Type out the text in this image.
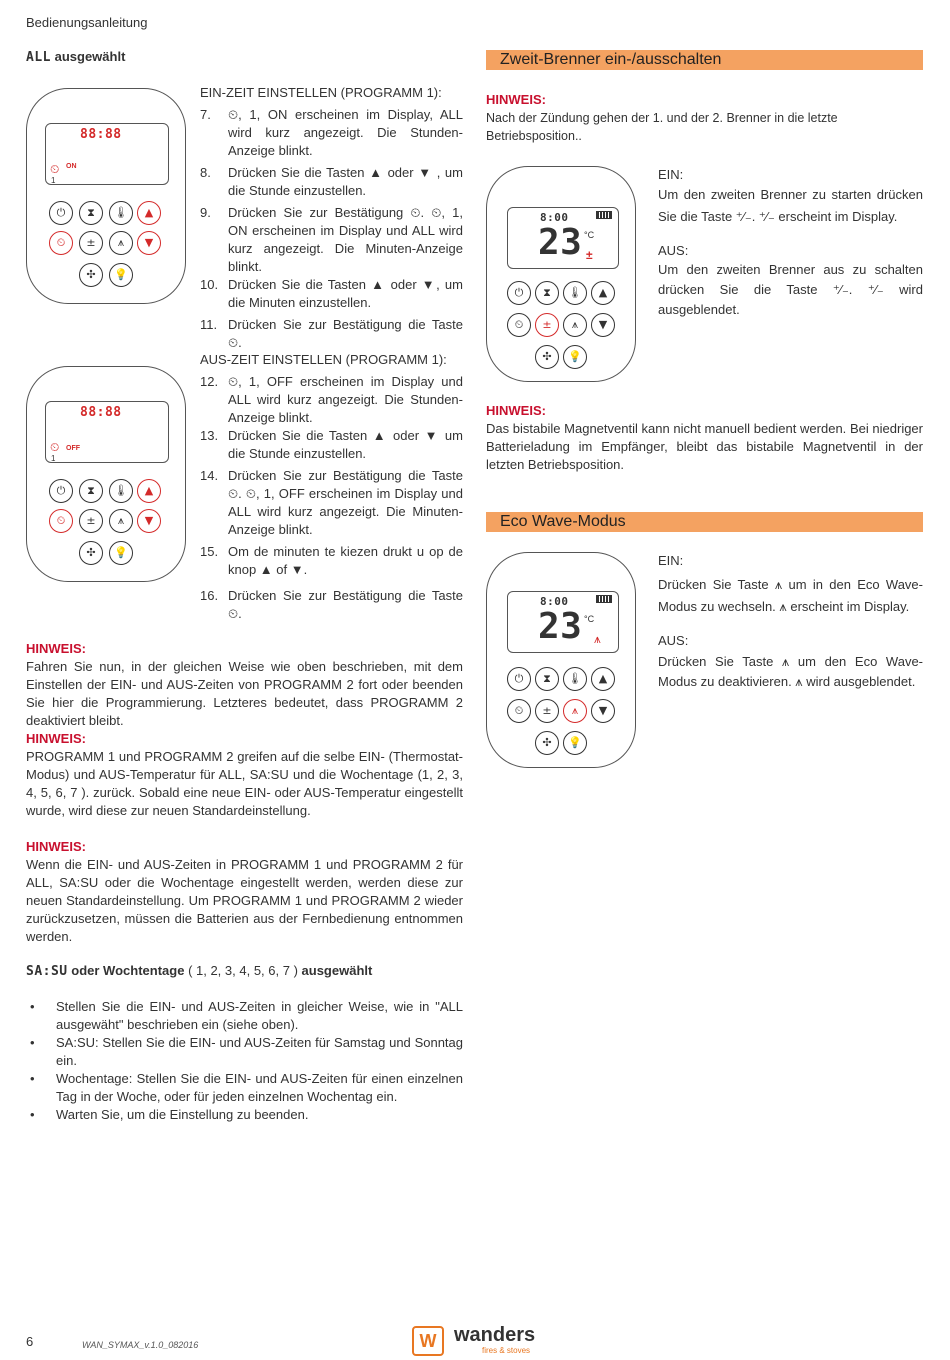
Bedienungsanleitung
ALL ausgewählt
88:88
⏲ ON
1
⏻	⧗	🌡	▲
⏲	±	⩚	▼
✣	💡
EIN-ZEIT EINSTELLEN (PROGRAMM 1):
7.	⏲, 1, ON erscheinen im Display, ALL wird kurz angezeigt. Die Stunden-Anzeige blinkt.
8.	Drücken Sie die Tasten ▲ oder ▼ , um die Stunde einzustellen.
9.	Drücken Sie zur Bestätigung ⏲. ⏲, 1, ON erscheinen im Display und ALL wird kurz angezeigt. Die Minuten-Anzeige blinkt.
10. Drücken Sie die Tasten ▲ oder ▼, um die Minuten einzustellen.
11. Drücken Sie zur Bestätigung die Taste ⏲.
88:88
⏲ OFF
1
⏻	⧗	🌡	▲
⏲	±	⩚	▼
✣	💡
AUS-ZEIT EINSTELLEN (PROGRAMM 1):
12. ⏲, 1, OFF erscheinen im Display und ALL wird kurz angezeigt. Die Stunden-Anzeige blinkt.
13. Drücken Sie die Tasten ▲ oder ▼ um die Stunde einzustellen.
14. Drücken Sie zur Bestätigung die Taste ⏲. ⏲, 1, OFF erscheinen im Display und ALL wird kurz angezeigt. Die Minuten-Anzeige blinkt.
15. Om de minuten te kiezen drukt u op de knop ▲ of ▼.
16. Drücken Sie zur Bestätigung die Taste ⏲.
HINWEIS:
Fahren Sie nun, in der gleichen Weise wie oben beschrieben, mit dem Einstellen der EIN- und AUS-Zeiten von PROGRAMM 2 fort oder beenden Sie hier die Programmierung. Letzteres bedeutet, dass PROGRAMM 2 deaktiviert bleibt.
HINWEIS:
PROGRAMM 1 und PROGRAMM 2 greifen auf die selbe EIN- (Thermostat-Modus) und AUS-Temperatur für ALL, SA:SU und die Wochentage (1, 2, 3, 4, 5, 6, 7 ). zurück. Sobald eine neue EIN- oder AUS-Temperatur eingestellt wurde, wird diese zur neuen Standardeinstellung.
HINWEIS:
Wenn die EIN- und AUS-Zeiten in PROGRAMM 1 und PROGRAMM 2 für ALL, SA:SU oder die Wochentage eingestellt werden, werden diese zur neuen Standardeinstellung. Um PROGRAMM 1 und PROGRAMM 2 wieder zurückzusetzen, müssen die Batterien aus der Fernbedienung entnommen werden.
SA:SU oder Wochtentage ( 1, 2, 3, 4, 5, 6, 7 ) ausgewählt
• Stellen Sie die EIN- und AUS-Zeiten in gleicher Weise, wie in "ALL ausgewäht" beschrieben ein (siehe oben).
• SA:SU: Stellen Sie die EIN- und AUS-Zeiten für Samstag und Sonntag ein.
• Wochentage: Stellen Sie die EIN- und AUS-Zeiten für einen einzelnen Tag in der Woche, oder für jeden einzelnen Wochentag ein.
• Warten Sie, um die Einstellung zu beenden.
Zweit-Brenner ein-/ausschalten
HINWEIS:
Nach der Zündung gehen der 1. und der 2. Brenner in die letzte Betriebsposition..
8:00
23 °C
±
⏻	⧗	🌡	▲
⏲	±	⩚	▼
✣	💡
EIN:
Um den zweiten Brenner zu starten drücken Sie die Taste ⁺⁄₋. ⁺⁄₋ erscheint im Display.
AUS:
Um den zweiten Brenner aus zu schalten drücken Sie die Taste ⁺⁄₋. ⁺⁄₋ wird ausgeblendet.
HINWEIS:
Das bistabile Magnetventil kann nicht manuell bedient werden. Bei niedriger Batterieladung im Empfänger, bleibt das bistabile Magnetventil in der letzten Betriebsposition.
Eco Wave-Modus
8:00
23 °C
⩚
⏻	⧗	🌡	▲
⏲	±	⩚	▼
✣	💡
EIN:
Drücken Sie Taste ⩚ um in den Eco Wave-Modus zu wechseln. ⩚ erscheint im Display.
AUS:
Drücken Sie Taste ⩚ um den Eco Wave-Modus zu deaktivieren. ⩚ wird ausgeblendet.
6	WAN_SYMAX_v.1.0_082016	W wanders
fires & stoves
